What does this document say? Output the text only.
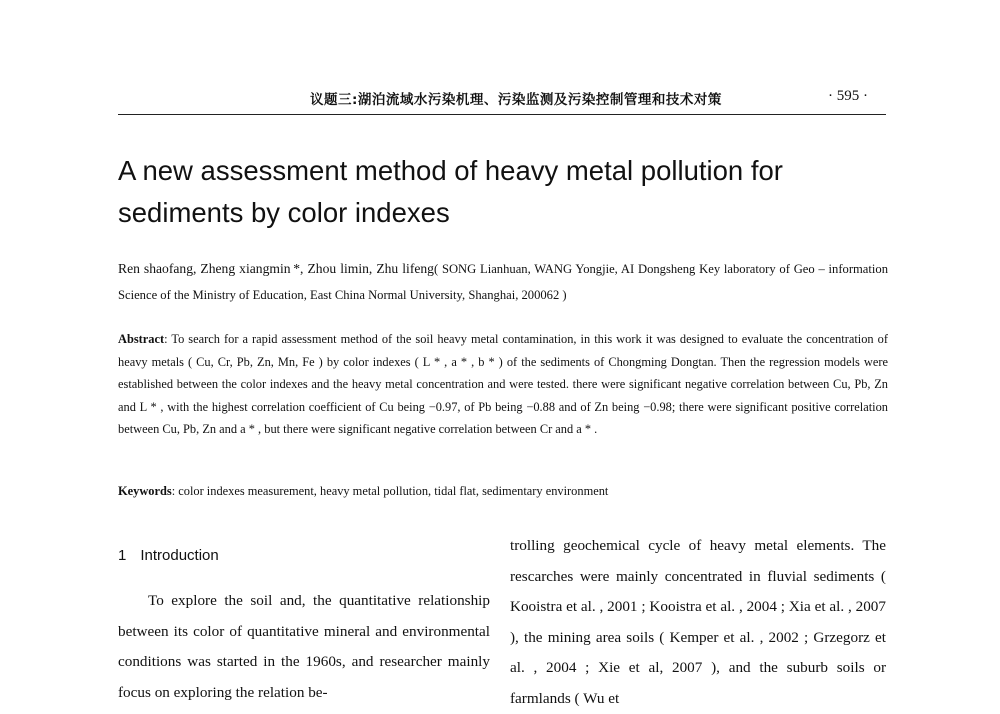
议题三:湖泊流域水污染机理、污染监测及污染控制管理和技术对策	· 595 ·
A new assessment method of heavy metal pollution for sediments by color indexes
Ren shaofang, Zheng xiangmin *, Zhou limin, Zhu lifeng( SONG Lianhuan, WANG Yongjie, AI Dongsheng Key laboratory of Geo – information Science of the Ministry of Education, East China Normal University, Shanghai, 200062 )

Abstract: To search for a rapid assessment method of the soil heavy metal contamination, in this work it was designed to evaluate the concentration of heavy metals ( Cu, Cr, Pb, Zn, Mn, Fe ) by color indexes ( L * , a * , b * ) of the sediments of Chongming Dongtan. Then the regression models were established between the color indexes and the heavy metal concentration and were tested. there were significant negative correlation between Cu, Pb, Zn and L * , with the highest correlation coefficient of Cu being −0.97, of Pb being −0.88 and of Zn being −0.98; there were significant positive correlation between Cu, Pb, Zn and a * , but there were significant negative correlation between Cr and a * .

Keywords: color indexes measurement, heavy metal pollution, tidal flat, sedimentary environment
1 Introduction

To explore the soil and, the quantitative relationship between its color of quantitative mineral and environmental conditions was started in the 1960s, and researcher mainly focus on exploring the relation be-

trolling geochemical cycle of heavy metal elements. The rescarches were mainly concentrated in fluvial sediments ( Kooistra et al. , 2001 ; Kooistra et al. , 2004 ; Xia et al. , 2007 ), the mining area soils ( Kemper et al. , 2002 ; Grzegorz et al. , 2004 ; Xie et al, 2007 ), and the suburb soils or farmlands ( Wu et
